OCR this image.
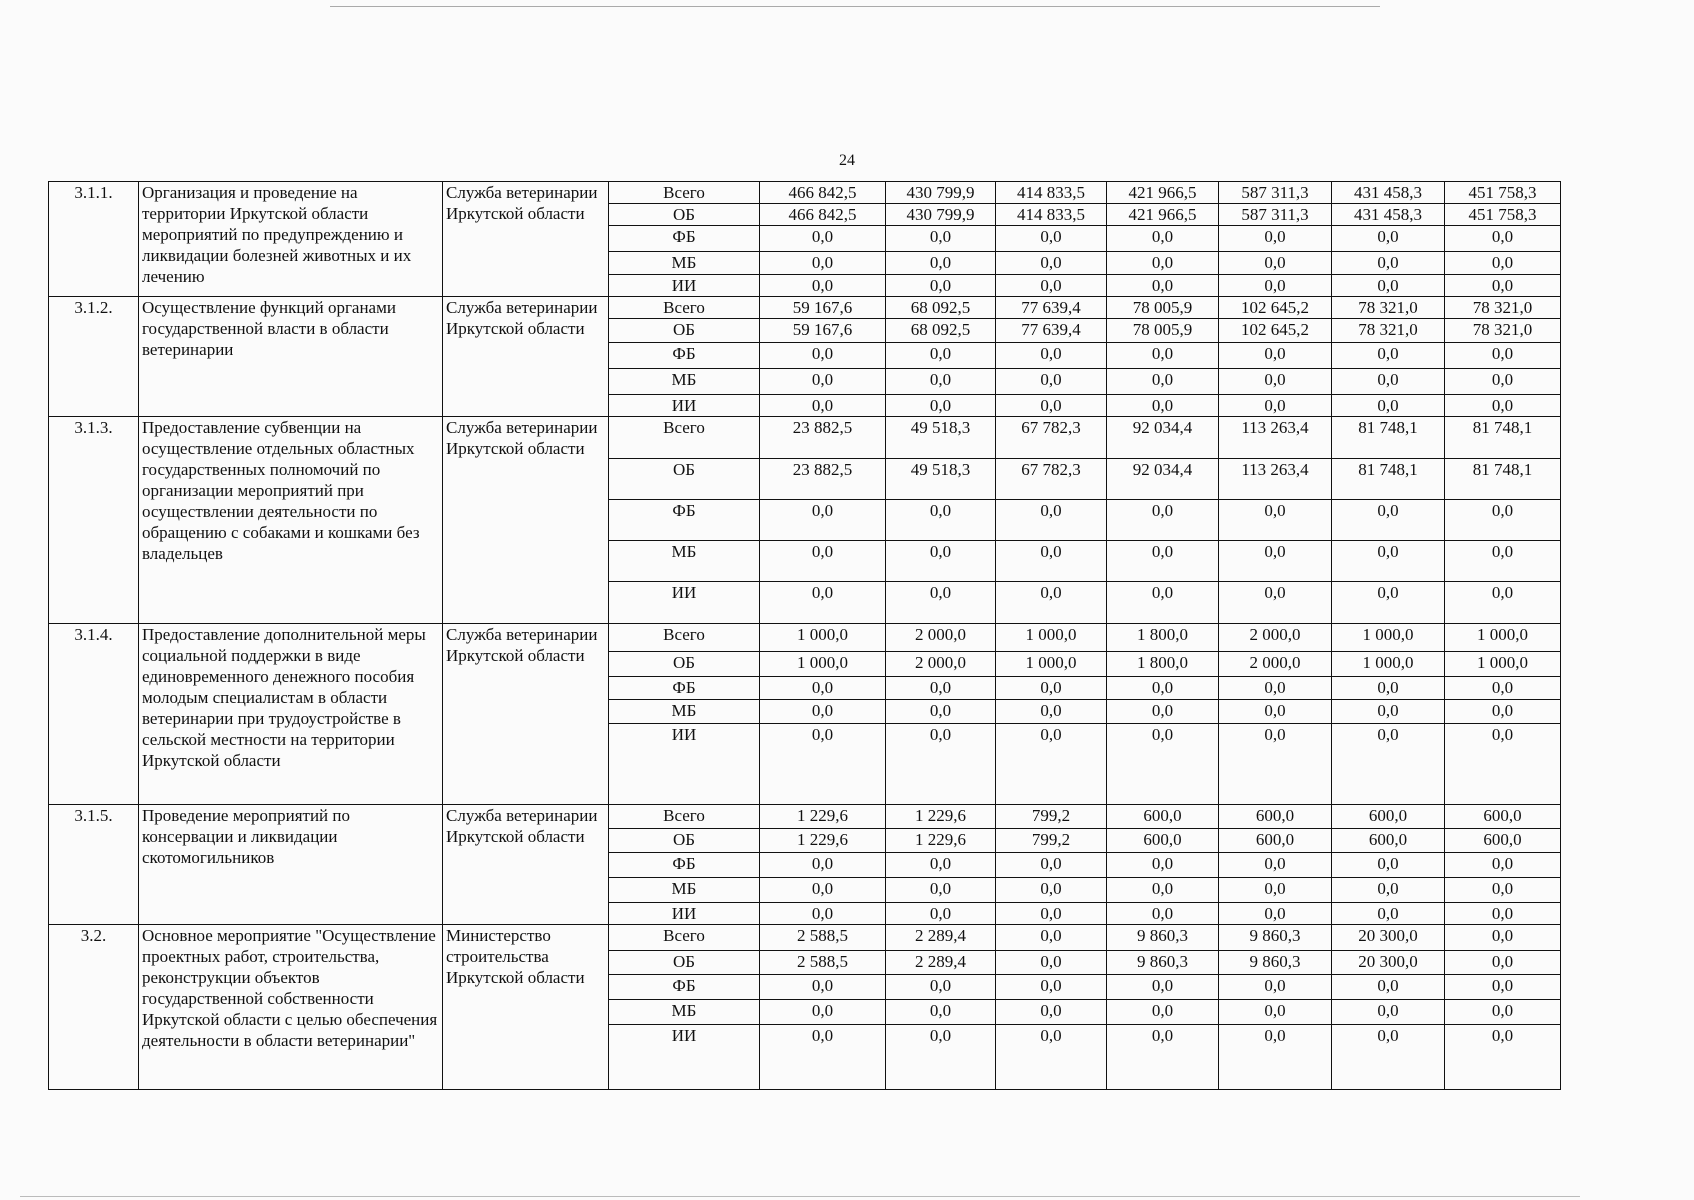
24
3.1.1.	Организация и проведение на территории Иркутской области мероприятий по предупреждению и ликвидации болезней животных и их лечению	Служба ветеринарии Иркутской области	Всего	466 842,5	430 799,9	414 833,5	421 966,5	587 311,3	431 458,3	451 758,3
			ОБ	466 842,5	430 799,9	414 833,5	421 966,5	587 311,3	431 458,3	451 758,3
			ФБ	0,0	0,0	0,0	0,0	0,0	0,0	0,0
			МБ	0,0	0,0	0,0	0,0	0,0	0,0	0,0
			ИИ	0,0	0,0	0,0	0,0	0,0	0,0	0,0
3.1.2.	Осуществление функций органами государственной власти в области ветеринарии	Служба ветеринарии Иркутской области	Всего	59 167,6	68 092,5	77 639,4	78 005,9	102 645,2	78 321,0	78 321,0
			ОБ	59 167,6	68 092,5	77 639,4	78 005,9	102 645,2	78 321,0	78 321,0
			ФБ	0,0	0,0	0,0	0,0	0,0	0,0	0,0
			МБ	0,0	0,0	0,0	0,0	0,0	0,0	0,0
			ИИ	0,0	0,0	0,0	0,0	0,0	0,0	0,0
3.1.3.	Предоставление субвенции на осуществление отдельных областных государственных полномочий по организации мероприятий при осуществлении деятельности по обращению с собаками и кошками без владельцев	Служба ветеринарии Иркутской области	Всего	23 882,5	49 518,3	67 782,3	92 034,4	113 263,4	81 748,1	81 748,1
			ОБ	23 882,5	49 518,3	67 782,3	92 034,4	113 263,4	81 748,1	81 748,1
			ФБ	0,0	0,0	0,0	0,0	0,0	0,0	0,0
			МБ	0,0	0,0	0,0	0,0	0,0	0,0	0,0
			ИИ	0,0	0,0	0,0	0,0	0,0	0,0	0,0
3.1.4.	Предоставление дополнительной меры социальной поддержки в виде единовременного денежного пособия молодым специалистам в области ветеринарии при трудоустройстве в сельской местности на территории Иркутской области	Служба ветеринарии Иркутской области	Всего	1 000,0	2 000,0	1 000,0	1 800,0	2 000,0	1 000,0	1 000,0
			ОБ	1 000,0	2 000,0	1 000,0	1 800,0	2 000,0	1 000,0	1 000,0
			ФБ	0,0	0,0	0,0	0,0	0,0	0,0	0,0
			МБ	0,0	0,0	0,0	0,0	0,0	0,0	0,0
			ИИ	0,0	0,0	0,0	0,0	0,0	0,0	0,0
3.1.5.	Проведение мероприятий по консервации и ликвидации скотомогильников	Служба ветеринарии Иркутской области	Всего	1 229,6	1 229,6	799,2	600,0	600,0	600,0	600,0
			ОБ	1 229,6	1 229,6	799,2	600,0	600,0	600,0	600,0
			ФБ	0,0	0,0	0,0	0,0	0,0	0,0	0,0
			МБ	0,0	0,0	0,0	0,0	0,0	0,0	0,0
			ИИ	0,0	0,0	0,0	0,0	0,0	0,0	0,0
3.2.	Основное мероприятие "Осуществление проектных работ, строительства, реконструкции объектов государственной собственности Иркутской области с целью обеспечения деятельности в области ветеринарии"	Министерство строительства Иркутской области	Всего	2 588,5	2 289,4	0,0	9 860,3	9 860,3	20 300,0	0,0
			ОБ	2 588,5	2 289,4	0,0	9 860,3	9 860,3	20 300,0	0,0
			ФБ	0,0	0,0	0,0	0,0	0,0	0,0	0,0
			МБ	0,0	0,0	0,0	0,0	0,0	0,0	0,0
			ИИ	0,0	0,0	0,0	0,0	0,0	0,0	0,0
